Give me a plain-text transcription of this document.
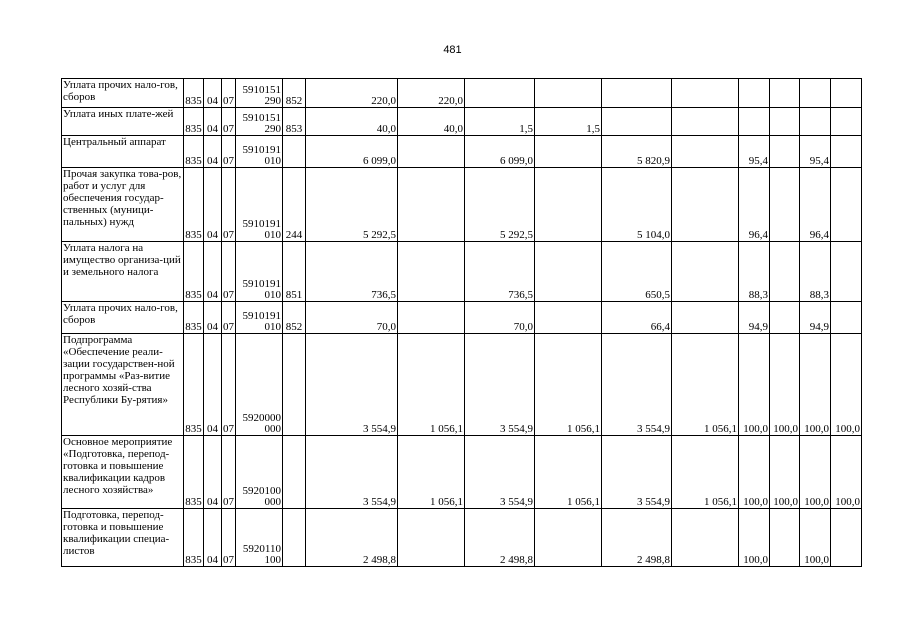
481
Уплата прочих нало-гов, сборов	835	04	07	5910151
290	852	220,0	220,0								
Уплата иных плате-жей	835	04	07	5910151
290	853	40,0	40,0	1,5	1,5						
Центральный аппарат	835	04	07	5910191
010		6 099,0		6 099,0		5 820,9		95,4		95,4	
Прочая закупка това-ров, работ и услуг для обеспечения государ-ственных (муници-пальных) нужд	835	04	07	5910191
010	244	5 292,5		5 292,5		5 104,0		96,4		96,4	
Уплата налога на имущество организа-ций и земельного налога	835	04	07	5910191
010	851	736,5		736,5		650,5		88,3		88,3	
Уплата прочих нало-гов, сборов	835	04	07	5910191
010	852	70,0		70,0		66,4		94,9		94,9	
Подпрограмма «Обеспечение реали-зации государствен-ной программы «Раз-витие лесного хозяй-ства Республики Бу-рятия»	835	04	07	5920000
000		3 554,9	1 056,1	3 554,9	1 056,1	3 554,9	1 056,1	100,0	100,0	100,0	100,0
Основное мероприятие «Подготовка, перепод-готовка и повышение квалификации кадров лесного хозяйства»	835	04	07	5920100
000		3 554,9	1 056,1	3 554,9	1 056,1	3 554,9	1 056,1	100,0	100,0	100,0	100,0
Подготовка, перепод-готовка и повышение квалификации специа-листов	835	04	07	5920110
100		2 498,8		2 498,8		2 498,8		100,0		100,0	
